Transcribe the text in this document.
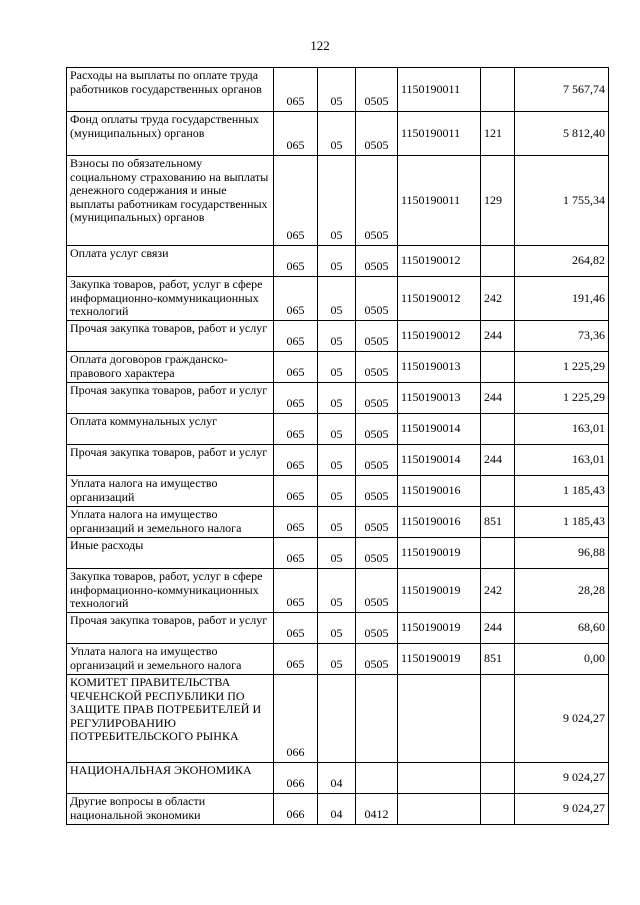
122
Расходы на выплаты по оплате труда работников государственных органов	065	05	0505	1150190011		7 567,74
Фонд оплаты труда государственных (муниципальных) органов	065	05	0505	1150190011	121	5 812,40
Взносы по обязательному социальному страхованию на выплаты денежного содержания и иные выплаты работникам государственных (муниципальных) органов	065	05	0505	1150190011	129	1 755,34
Оплата услуг связи	065	05	0505	1150190012		264,82
Закупка товаров, работ, услуг в сфере информационно-коммуникационных технологий	065	05	0505	1150190012	242	191,46
Прочая закупка товаров, работ и услуг	065	05	0505	1150190012	244	73,36
Оплата договоров гражданско-правового характера	065	05	0505	1150190013		1 225,29
Прочая закупка товаров, работ и услуг	065	05	0505	1150190013	244	1 225,29
Оплата коммунальных услуг	065	05	0505	1150190014		163,01
Прочая закупка товаров, работ и услуг	065	05	0505	1150190014	244	163,01
Уплата налога на имущество организаций	065	05	0505	1150190016		1 185,43
Уплата налога на имущество организаций и земельного налога	065	05	0505	1150190016	851	1 185,43
Иные расходы	065	05	0505	1150190019		96,88
Закупка товаров, работ, услуг в сфере информационно-коммуникационных технологий	065	05	0505	1150190019	242	28,28
Прочая закупка товаров, работ и услуг	065	05	0505	1150190019	244	68,60
Уплата налога на имущество организаций и земельного налога	065	05	0505	1150190019	851	0,00
КОМИТЕТ ПРАВИТЕЛЬСТВА ЧЕЧЕНСКОЙ РЕСПУБЛИКИ ПО ЗАЩИТЕ ПРАВ ПОТРЕБИТЕЛЕЙ И РЕГУЛИРОВАНИЮ ПОТРЕБИТЕЛЬСКОГО РЫНКА	066					9 024,27
НАЦИОНАЛЬНАЯ ЭКОНОМИКА	066	04				9 024,27
Другие вопросы в области национальной экономики	066	04	0412			9 024,27
